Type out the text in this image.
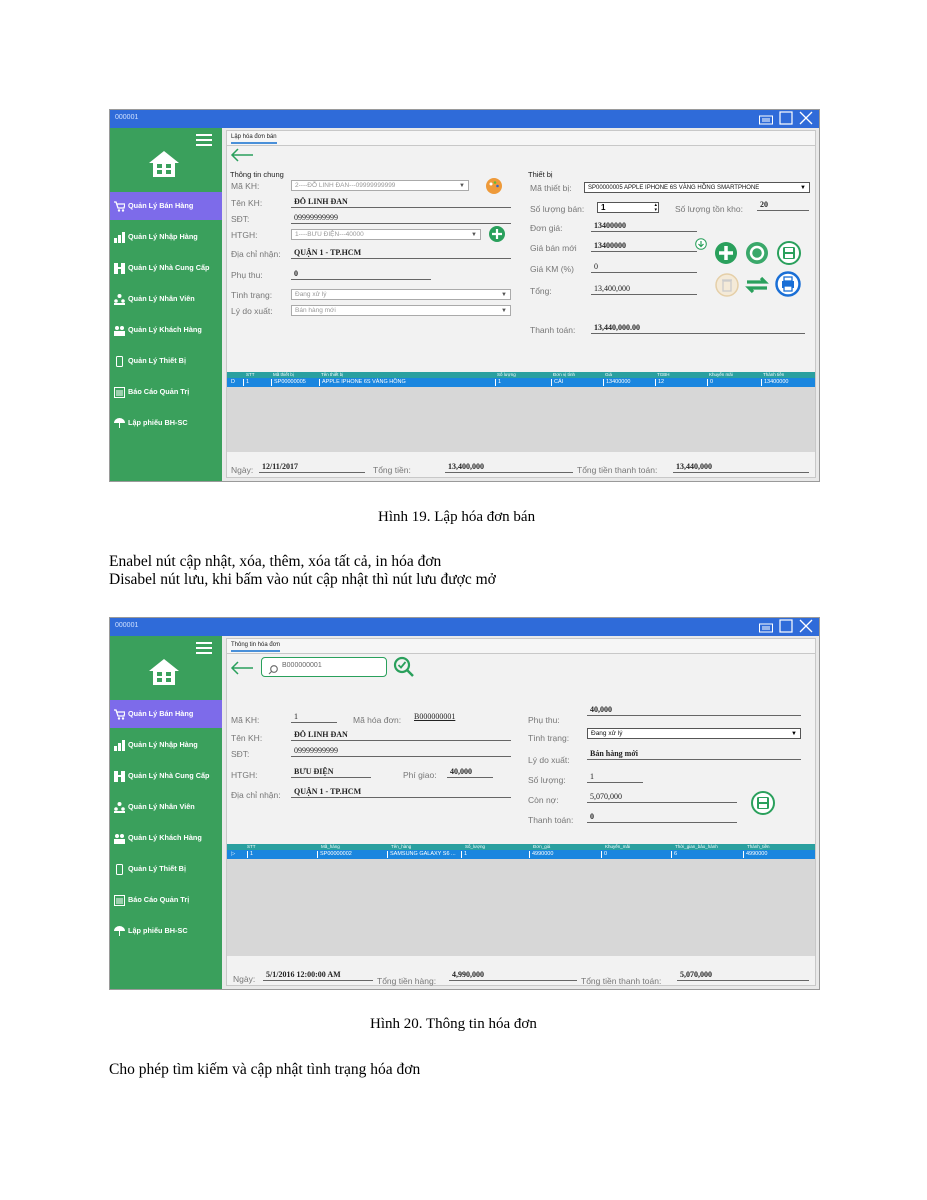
000001
Quản Lý Bán Hàng
Quản Lý Nhập Hàng
Quản Lý Nhà Cung Cấp
Quản Lý Nhân Viên
Quản Lý Khách Hàng
Quản Lý Thiết Bị
Báo Cáo Quản Trị
Lập phiếu BH-SC
Lập hóa đơn bán
Thông tin chung
Mã KH:	2----ĐỖ LINH ĐAN---09999999999	▼
Tên KH:	ĐỖ LINH ĐAN
SĐT:	09999999999
HTGH:	1----BƯU ĐIỆN---40000	▼
Địa chỉ nhận:	QUẬN 1 - TP.HCM
Phụ thu:	0
Tình trạng:	Đang xử lý	▼
Lý do xuất:	Bán hàng mới	▼
Thiết bị
Mã thiết bị:	SP00000005 APPLE IPHONE 6S VÀNG HỒNG SMARTPHONE	▼
Số lượng bán:	1	▴
▾ Số lượng tồn kho:	20
Đơn giá:	13400000
Giá bán mới	13400000
Giá KM (%)	0
Tổng:	13,400,000
Thanh toán:	13,440,000.00
STT	Mã thiết bị	Tên thiết bị	Số lượng	Đơn vị tính	Giá	TGBH	Khuyến mãi	Thành tiền
D	1	SP00000005	APPLE IPHONE 6S VÀNG HỒNG	1	CÁI	13400000	12	0	13400000
Ngày:	12/11/2017	Tổng tiền:	13,400,000	Tổng tiền thanh toán:	13,440,000
Hình 19. Lập hóa đơn bán
Enabel nút cập nhật, xóa, thêm, xóa tất cả, in hóa đơn
Disabel nút lưu, khi bấm vào nút cập nhật thì nút lưu được mở
000001
Quản Lý Bán Hàng
Quản Lý Nhập Hàng
Quản Lý Nhà Cung Cấp
Quản Lý Nhân Viên
Quản Lý Khách Hàng
Quản Lý Thiết Bị
Báo Cáo Quản Trị
Lập phiếu BH-SC
Thông tin hóa đơn
B000000001
Mã KH:	1	Mã hóa đơn:	B000000001
Tên KH:	ĐỖ LINH ĐAN
SĐT:	09999999999
HTGH:	BƯU ĐIỆN	Phí giao:	40,000
Địa chỉ nhận:	QUẬN 1 - TP.HCM
Phụ thu:
40,000
Tình trạng:	Đang xử lý	▼
Lý do xuất:
Bán hàng mới
Số lượng:	1
Còn nợ:	5,070,000
Thanh toán:	0
STT	Mã_hàng	Tên_hàng	Số_lượng	Đơn_giá	Khuyến_mãi	Thời_gian_bảo_hành	Thành_tiền
▷	1	SP00000002	SAMSUNG GALAXY S6 ...	1	4990000	0	6	4990000
Ngày:	5/1/2016 12:00:00 AM
Tổng tiền hàng:
4,990,000
Tổng tiền thanh toán:
5,070,000
Hình 20. Thông tin hóa đơn
Cho phép tìm kiếm và cập nhật tình trạng hóa đơn
